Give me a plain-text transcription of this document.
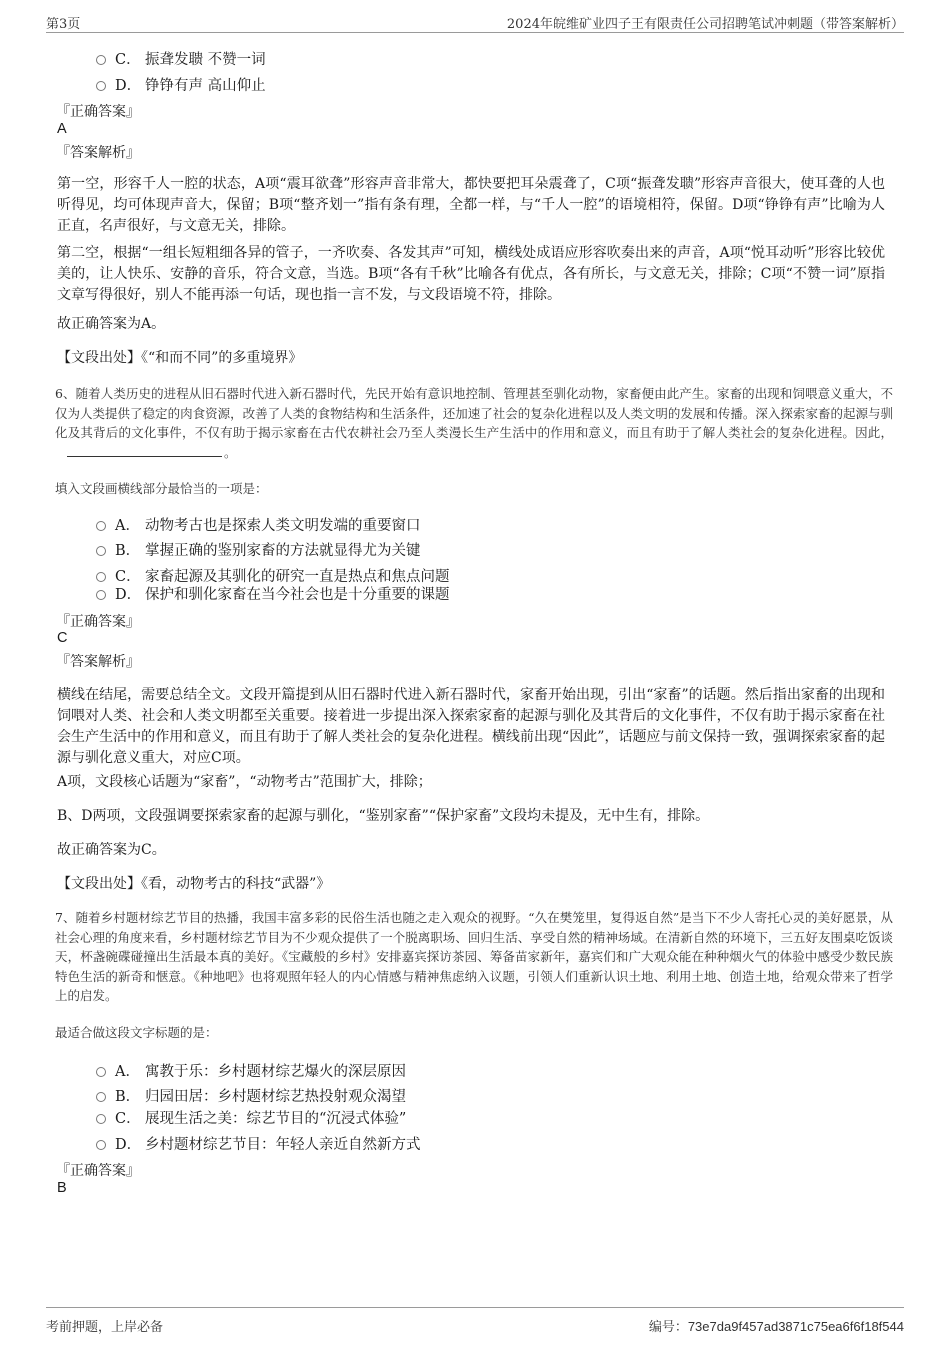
第3页	2024年皖维矿业四子王有限责任公司招聘笔试冲刺题（带答案解析）
C． 振聋发聩 不赞一词
D． 铮铮有声 高山仰止
『正确答案』
A
『答案解析』
第一空，形容千人一腔的状态，A项“震耳欲聋”形容声音非常大，都快要把耳朵震聋了，C项“振聋发聩”形容声音很大，使耳聋的人也听得见，均可体现声音大，保留；B项“整齐划一”指有条有理，全都一样，与“千人一腔”的语境相符，保留。D项“铮铮有声”比喻为人正直，名声很好，与文意无关，排除。
第二空，根据“一组长短粗细各异的管子，一齐吹奏、各发其声”可知，横线处成语应形容吹奏出来的声音，A项“悦耳动听”形容比较优美的，让人快乐、安静的音乐，符合文意，当选。B项“各有千秋”比喻各有优点，各有所长，与文意无关，排除；C项“不赞一词”原指文章写得很好，别人不能再添一句话，现也指一言不发，与文段语境不符，排除。
故正确答案为A。
【文段出处】《“和而不同”的多重境界》
6、随着人类历史的进程从旧石器时代进入新石器时代，先民开始有意识地控制、管理甚至驯化动物，家畜便由此产生。家畜的出现和饲喂意义重大，不仅为人类提供了稳定的肉食资源，改善了人类的食物结构和生活条件，还加速了社会的复杂化进程以及人类文明的发展和传播。深入探索家畜的起源与驯化及其背后的文化事件，不仅有助于揭示家畜在古代农耕社会乃至人类漫长生产生活中的作用和意义，而且有助于了解人类社会的复杂化进程。因此，。
填入文段画横线部分最恰当的一项是：
A． 动物考古也是探索人类文明发端的重要窗口
B． 掌握正确的鉴别家畜的方法就显得尤为关键
C． 家畜起源及其驯化的研究一直是热点和焦点问题
D． 保护和驯化家畜在当今社会也是十分重要的课题
『正确答案』
C
『答案解析』
横线在结尾，需要总结全文。文段开篇提到从旧石器时代进入新石器时代，家畜开始出现，引出“家畜”的话题。然后指出家畜的出现和饲喂对人类、社会和人类文明都至关重要。接着进一步提出深入探索家畜的起源与驯化及其背后的文化事件，不仅有助于揭示家畜在社会生产生活中的作用和意义，而且有助于了解人类社会的复杂化进程。横线前出现“因此”，话题应与前文保持一致，强调探索家畜的起源与驯化意义重大，对应C项。
A项，文段核心话题为“家畜”，“动物考古”范围扩大，排除；
B、D两项，文段强调要探索家畜的起源与驯化，“鉴别家畜”“保护家畜”文段均未提及，无中生有，排除。
故正确答案为C。
【文段出处】《看，动物考古的科技“武器”》
7、随着乡村题材综艺节目的热播，我国丰富多彩的民俗生活也随之走入观众的视野。“久在樊笼里，复得返自然”是当下不少人寄托心灵的美好愿景，从社会心理的角度来看，乡村题材综艺节目为不少观众提供了一个脱离职场、回归生活、享受自然的精神场域。在清新自然的环境下，三五好友围桌吃饭谈天，杯盏碗碟碰撞出生活最本真的美好。《宝藏般的乡村》安排嘉宾探访茶园、筹备苗家新年，嘉宾们和广大观众能在种种烟火气的体验中感受少数民族特色生活的新奇和惬意。《种地吧》也将观照年轻人的内心情感与精神焦虑纳入议题，引领人们重新认识土地、利用土地、创造土地，给观众带来了哲学上的启发。
最适合做这段文字标题的是：
A． 寓教于乐：乡村题材综艺爆火的深层原因
B． 归园田居：乡村题材综艺热投射观众渴望
C． 展现生活之美：综艺节目的“沉浸式体验”
D． 乡村题材综艺节目：年轻人亲近自然新方式
『正确答案』
B
考前押题，上岸必备	编号：73e7da9f457ad3871c75ea6f6f18f544
